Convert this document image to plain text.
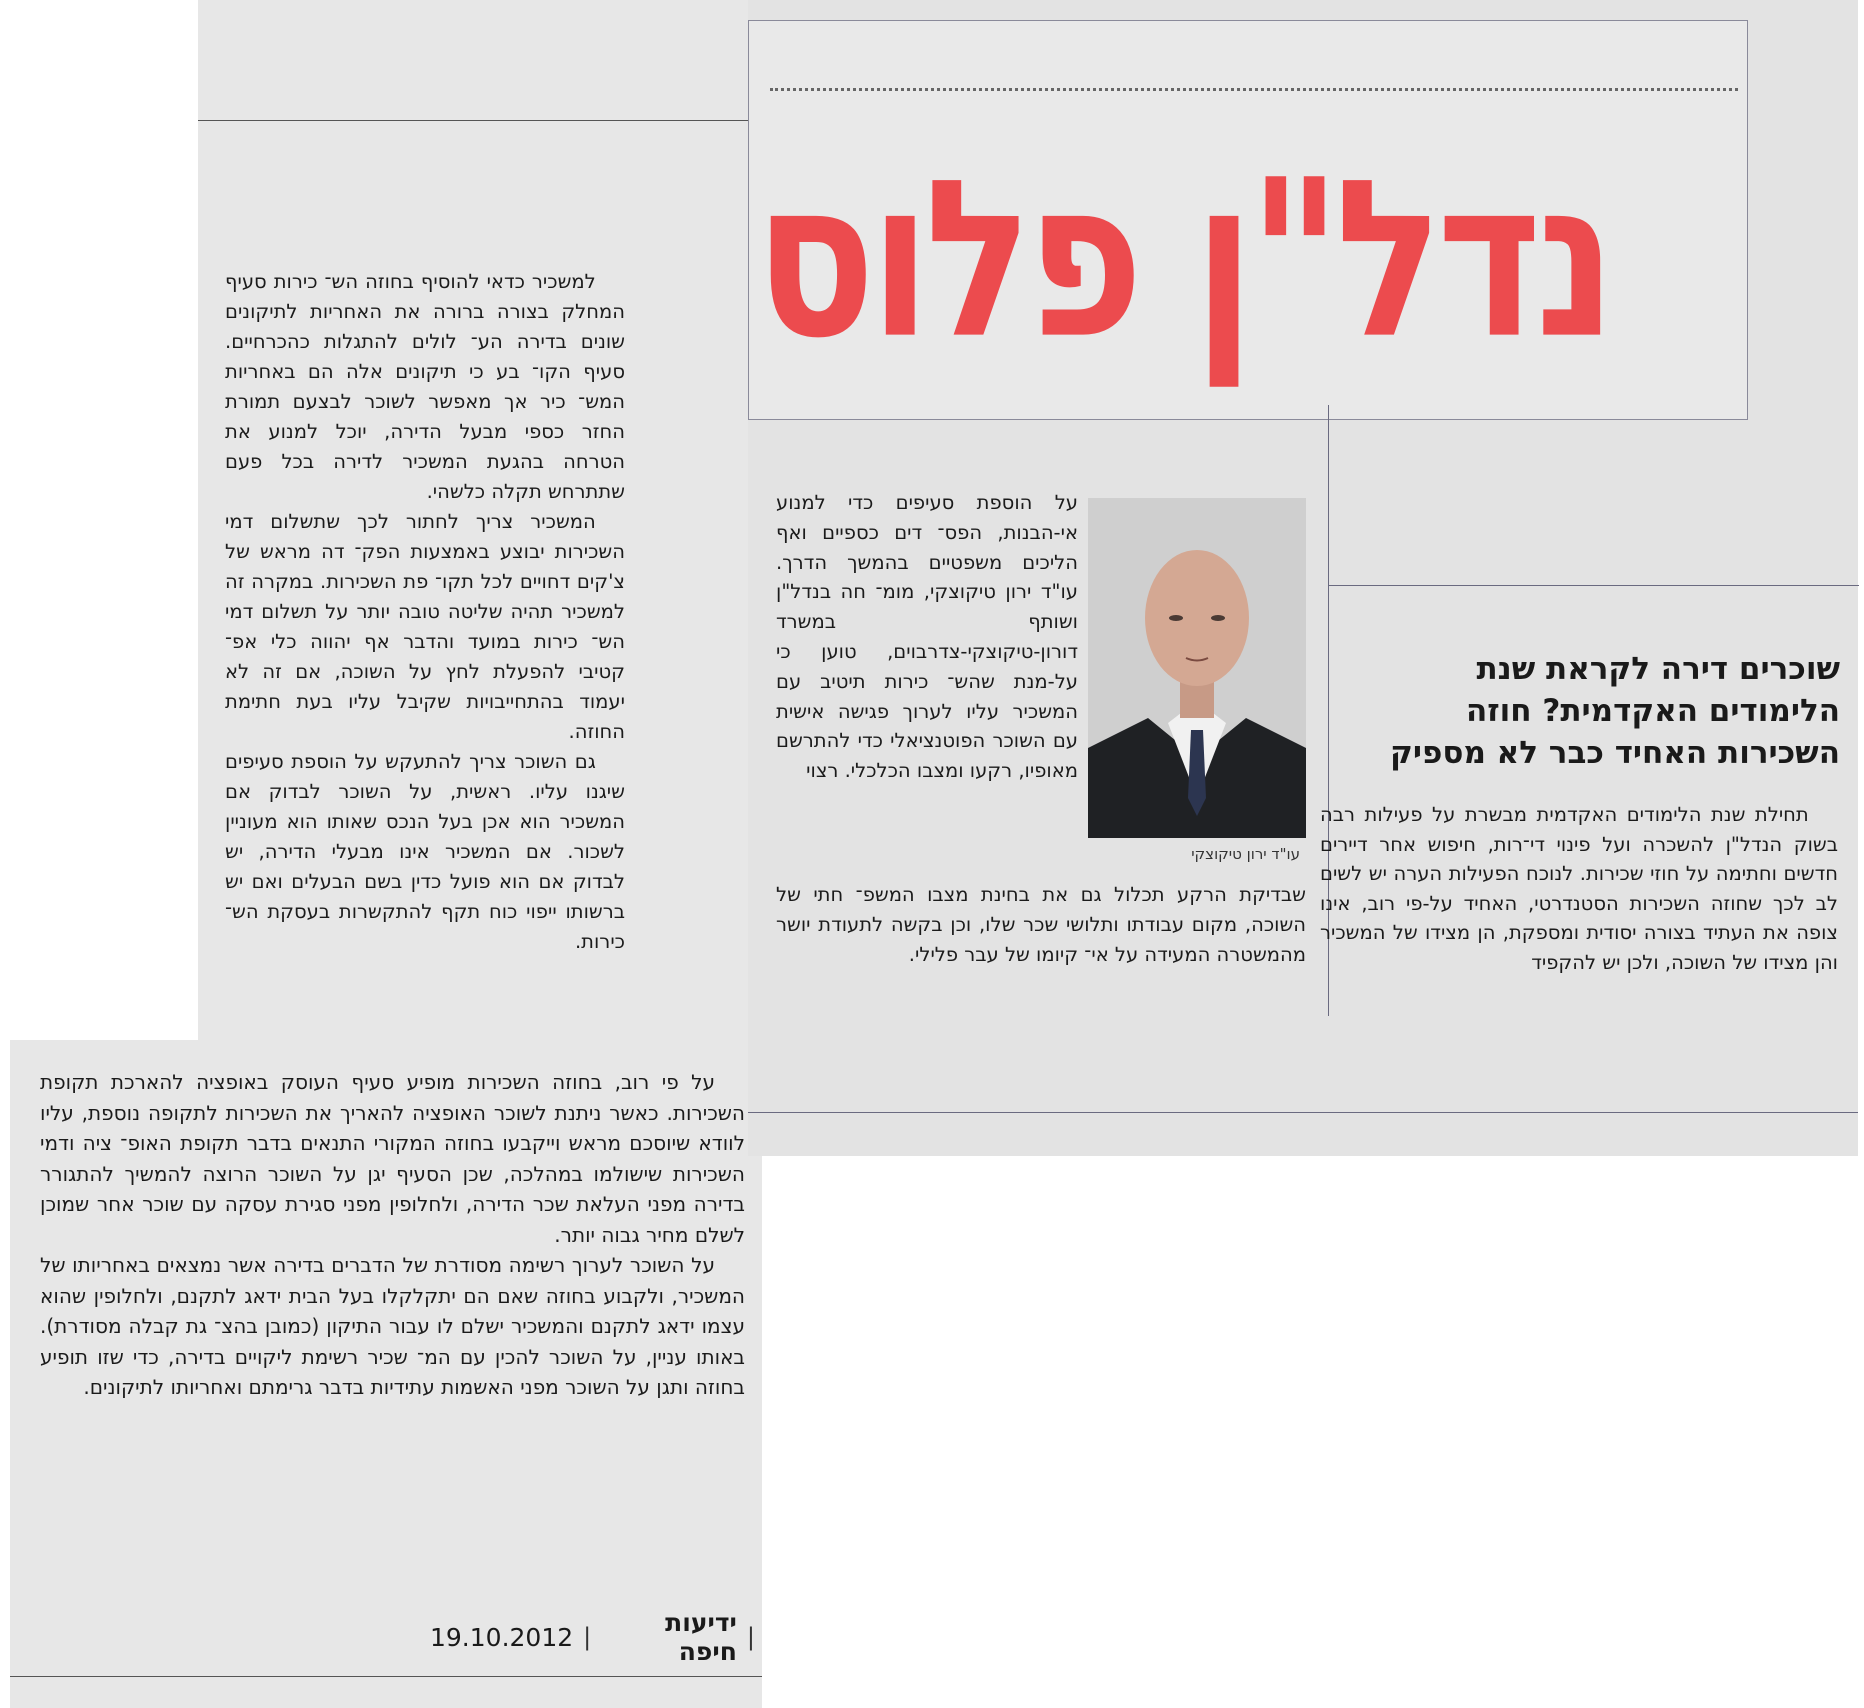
נדל"ן פלוס
שוכרים דירה לקראת שנת הלימודים האקדמית? חוזה השכירות האחיד כבר לא מספיק

תחילת שנת הלימודים האקדמית מבשרת על פעילות רבה בשוק הנדל"ן להשכרה ועל פינוי די־רות, חיפוש אחר דיירים חדשים וחתימה על חוזי שכירות. לנוכח הפעילות הערה יש לשים לב לכך שחוזה השכירות הסטנדרטי, האחיד על-פי רוב, אינו צופה את העתיד בצורה יסודית ומספקת, הן מצידו של המשכיר והן מצידו של השוכה, ולכן יש להקפיד

עו"ד ירון טיקוצקי

על הוספת סעיפים כדי למנוע אי-הבנות, הפס־ דים כספיים ואף הליכים משפטיים בהמשך הדרך. עו"ד ירון טיקוצקי, מומ־ חה בנדל"ן ושותף במשרד דורון-טיקוצקי-צדרבוים, טוען כי על-מנת שהש־ כירות תיטיב עם המשכיר עליו לערוך פגישה אישית עם השוכר הפוטנציאלי כדי להתרשם מאופיו, רקעו ומצבו הכלכלי. רצוי

שבדיקת הרקע תכלול גם את בחינת מצבו המשפ־ חתי של השוכה, מקום עבודתו ותלושי שכר שלו, וכן בקשה לתעודת יושר מהמשטרה המעידה על אי־ קיומו של עבר פלילי.

למשכיר כדאי להוסיף בחוזה הש־ כירות סעיף המחלק בצורה ברורה את האחריות לתיקונים שונים בדירה הע־ לולים להתגלות כהכרחיים. סעיף הקו־ בע כי תיקונים אלה הם באחריות המש־ כיר אך מאפשר לשוכר לבצעם תמורת החזר כספי מבעל הדירה, יוכל למנוע את הטרחה בהגעת המשכיר לדירה בכל פעם שתתרחש תקלה כלשהי.

המשכיר צריך לחתור לכך שתשלום דמי השכירות יבוצע באמצעות הפק־ דה מראש של צ'קים דחויים לכל תקו־ פת השכירות. במקרה זה למשכיר תהיה שליטה טובה יותר על תשלום דמי הש־ כירות במועד והדבר אף יהווה כלי אפ־ קטיבי להפעלת לחץ על השוכה, אם זה לא יעמוד בהתחייבויות שקיבל עליו בעת חתימת החוזה.

גם השוכר צריך להתעקש על הוספת סעיפים שיגנו עליו. ראשית, על השוכר לבדוק אם המשכיר הוא אכן בעל הנכס שאותו הוא מעוניין לשכור. אם המשכיר אינו מבעלי הדירה, יש לבדוק אם הוא פועל כדין בשם הבעלים ואם יש ברשותו ייפוי כוח תקף להתקשרות בעסקת הש־ כירות.

על פי רוב, בחוזה השכירות מופיע סעיף העוסק באופציה להארכת תקופת השכירות. כאשר ניתנת לשוכר האופציה להאריך את השכירות לתקופה נוספת, עליו לוודא שיוסכם מראש וייקבעו בחוזה המקורי התנאים בדבר תקופת האופ־ ציה ודמי השכירות שישולמו במהלכה, שכן הסעיף יגן על השוכר הרוצה להמשיך להתגורר בדירה מפני העלאת שכר הדירה, ולחלופין מפני סגירת עסקה עם שוכר אחר שמוכן לשלם מחיר גבוה יותר.

על השוכר לערוך רשימה מסודרת של הדברים בדירה אשר נמצאים באחריותו של המשכיר, ולקבוע בחוזה שאם הם יתקלקלו בעל הבית ידאג לתקנם, ולחלופין שהוא עצמו ידאג לתקנם והמשכיר ישלם לו עבור התיקון (כמובן בהצ־ גת קבלה מסודרת). באותו עניין, על השוכר להכין עם המ־ שכיר רשימת ליקויים בדירה, כדי שזו תופיע בחוזה ותגן על השוכר מפני האשמות עתידיות בדבר גרימתם ואחריותו לתיקונים.

|
ידיעות חיפה
|
19.10.2012
